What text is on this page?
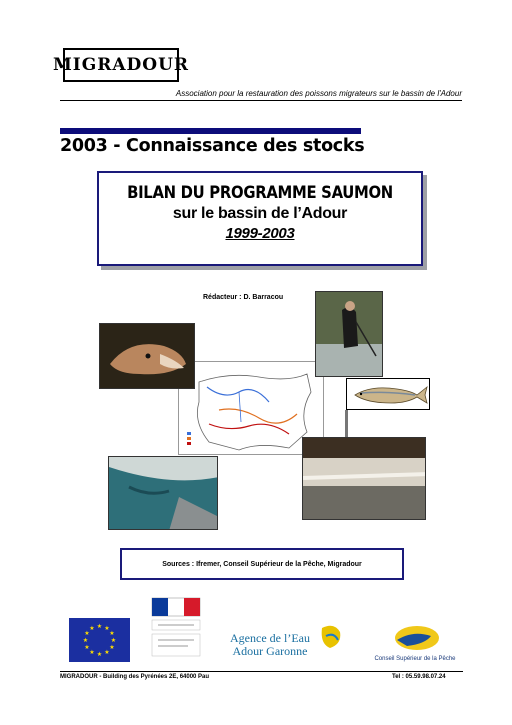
MIGRADOUR
Association pour la restauration des poissons migrateurs sur le bassin de l'Adour
2003 - Connaissance des stocks
BILAN DU PROGRAMME SAUMON
sur le bassin de l’Adour
1999-2003
Rédacteur : D. Barracou
Sources : Ifremer, Conseil Supérieur de la Pêche, Migradour
★ ★
★
★
★
★
★
★
★
★
★
★
Agence de l’Eau
Adour Garonne
Conseil Supérieur de la Pêche
MIGRADOUR - Building des Pyrénées 2E, 64000 Pau	Tel : 05.59.98.07.24
